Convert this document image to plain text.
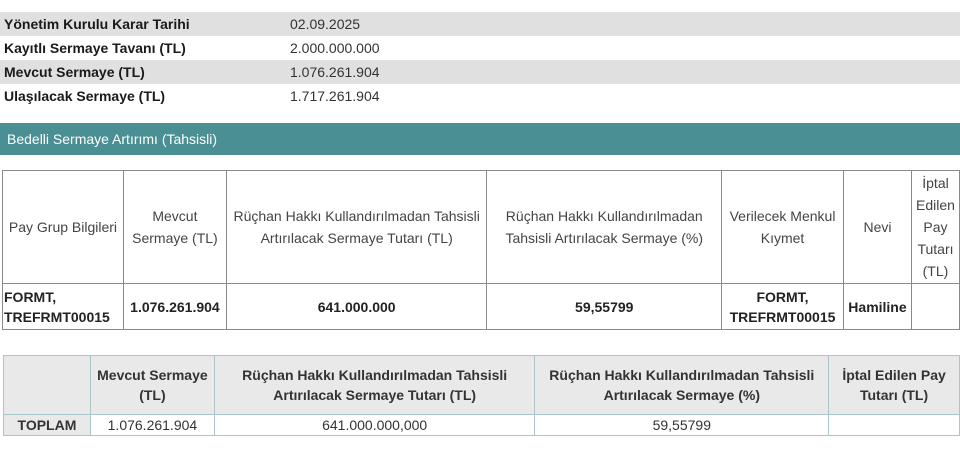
Yönetim Kurulu Karar Tarihi	02.09.2025
Kayıtlı Sermaye Tavanı (TL)	2.000.000.000
Mevcut Sermaye (TL)	1.076.261.904
Ulaşılacak Sermaye (TL)	1.717.261.904
Bedelli Sermaye Artırımı (Tahsisli)
Pay Grup Bilgileri	Mevcut Sermaye (TL)	Rüçhan Hakkı Kullandırılmadan Tahsisli Artırılacak Sermaye Tutarı (TL)	Rüçhan Hakkı Kullandırılmadan Tahsisli Artırılacak Sermaye (%)	Verilecek Menkul Kıymet	Nevi	İptal Edilen Pay Tutarı (TL)
FORMT, TREFRMT00015	1.076.261.904	641.000.000	59,55799	FORMT, TREFRMT00015	Hamiline	
	Mevcut Sermaye (TL)	Rüçhan Hakkı Kullandırılmadan Tahsisli Artırılacak Sermaye Tutarı (TL)	Rüçhan Hakkı Kullandırılmadan Tahsisli Artırılacak Sermaye (%)	İptal Edilen Pay Tutarı (TL)
TOPLAM	1.076.261.904	641.000.000,000	59,55799	
